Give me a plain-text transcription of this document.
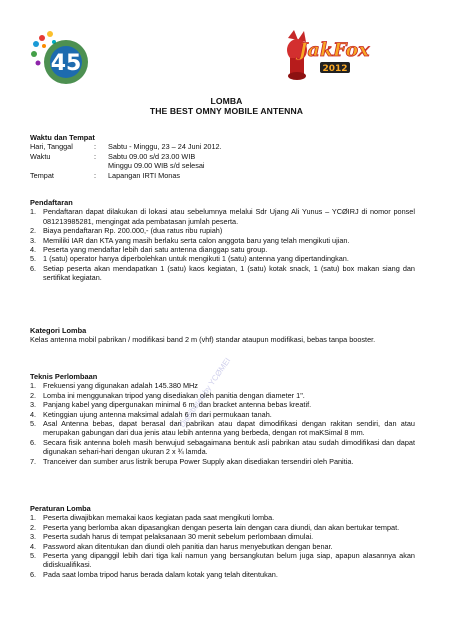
45
JakFox
2012
LOMBA
THE BEST OMNY MOBILE ANTENNA
Waktu dan Tempat
Hari, Tanggal	:	Sabtu - Minggu, 23 – 24 Juni 2012.
Waktu	:	Sabtu 09.00 s/d 23.00 WIB
Minggu 09.00 WIB s/d selesai
Tempat	:	Lapangan IRTI Monas
Pendaftaran
1. Pendaftaran dapat dilakukan di lokasi atau sebelumnya melalui Sdr Ujang Ali Yunus – YCØIRJ di nomor ponsel 081213985281, mengingat ada pembatasan jumlah peserta.
2. Biaya pendaftaran Rp. 200.000,- (dua ratus ribu rupiah)
3. Memiliki IAR dan KTA yang masih berlaku serta calon anggota baru yang telah mengikuti ujian.
4. Peserta yang mendaftar lebih dari satu antenna dianggap satu group.
5. 1 (satu) operator hanya diperbolehkan untuk mengikuti 1 (satu) antenna yang dipertandingkan.
6. Setiap peserta akan mendapatkan 1 (satu) kaos kegiatan, 1 (satu) kotak snack, 1 (satu) box makan siang dan sertifikat kegiatan.
Kategori Lomba
Kelas antenna mobil pabrikan / modifikasi band 2 m (vhf) standar ataupun modifikasi, bebas tanpa booster.
Teknis Perlombaan
1. Frekuensi yang digunakan adalah 145.380 MHz
2. Lomba ini menggunakan tripod yang disediakan oleh panitia dengan diameter 1".
3. Panjang kabel yang dipergunakan minimal 6 m, dan bracket antenna bebas kreatif.
4. Ketinggian ujung antenna maksimal adalah 6 m dari permukaan tanah.
5. Asal Antenna bebas, dapat berasal dari pabrikan atau dapat dimodifikasi dengan rakitan sendiri, dan atau merupakan gabungan dari dua jenis atau lebih antenna yang berbeda, dengan rot maKSimal 8 mm.
6. Secara fisik antenna boleh masih berwujud sebagaimana bentuk asli pabrikan atau sudah dimodifikasi dan dapat digunakan sehari-hari dengan ukuran 2 x ¾ lamda.
7. Tranceiver dan sumber arus listrik berupa Power Supply akan disediakan tersendiri oleh Panitia.
Peraturan Lomba
1. Peserta diwajibkan memakai kaos kegiatan pada saat mengikuti lomba.
2. Peserta yang berlomba akan dipasangkan dengan peserta lain dengan cara diundi, dan akan bertukar tempat.
3. Peserta sudah harus di tempat pelaksanaan 30 menit sebelum perlombaan dimulai.
4. Password akan ditentukan dan diundi oleh panitia dan harus menyebutkan dengan benar.
5. Peserta yang dipanggil lebih dari tiga kali namun yang bersangkutan belum juga siap, apapun alasannya akan didiskualifikasi.
6. Pada saat lomba tripod harus berada dalam kotak yang telah ditentukan.
Distributed by YCØMEI
